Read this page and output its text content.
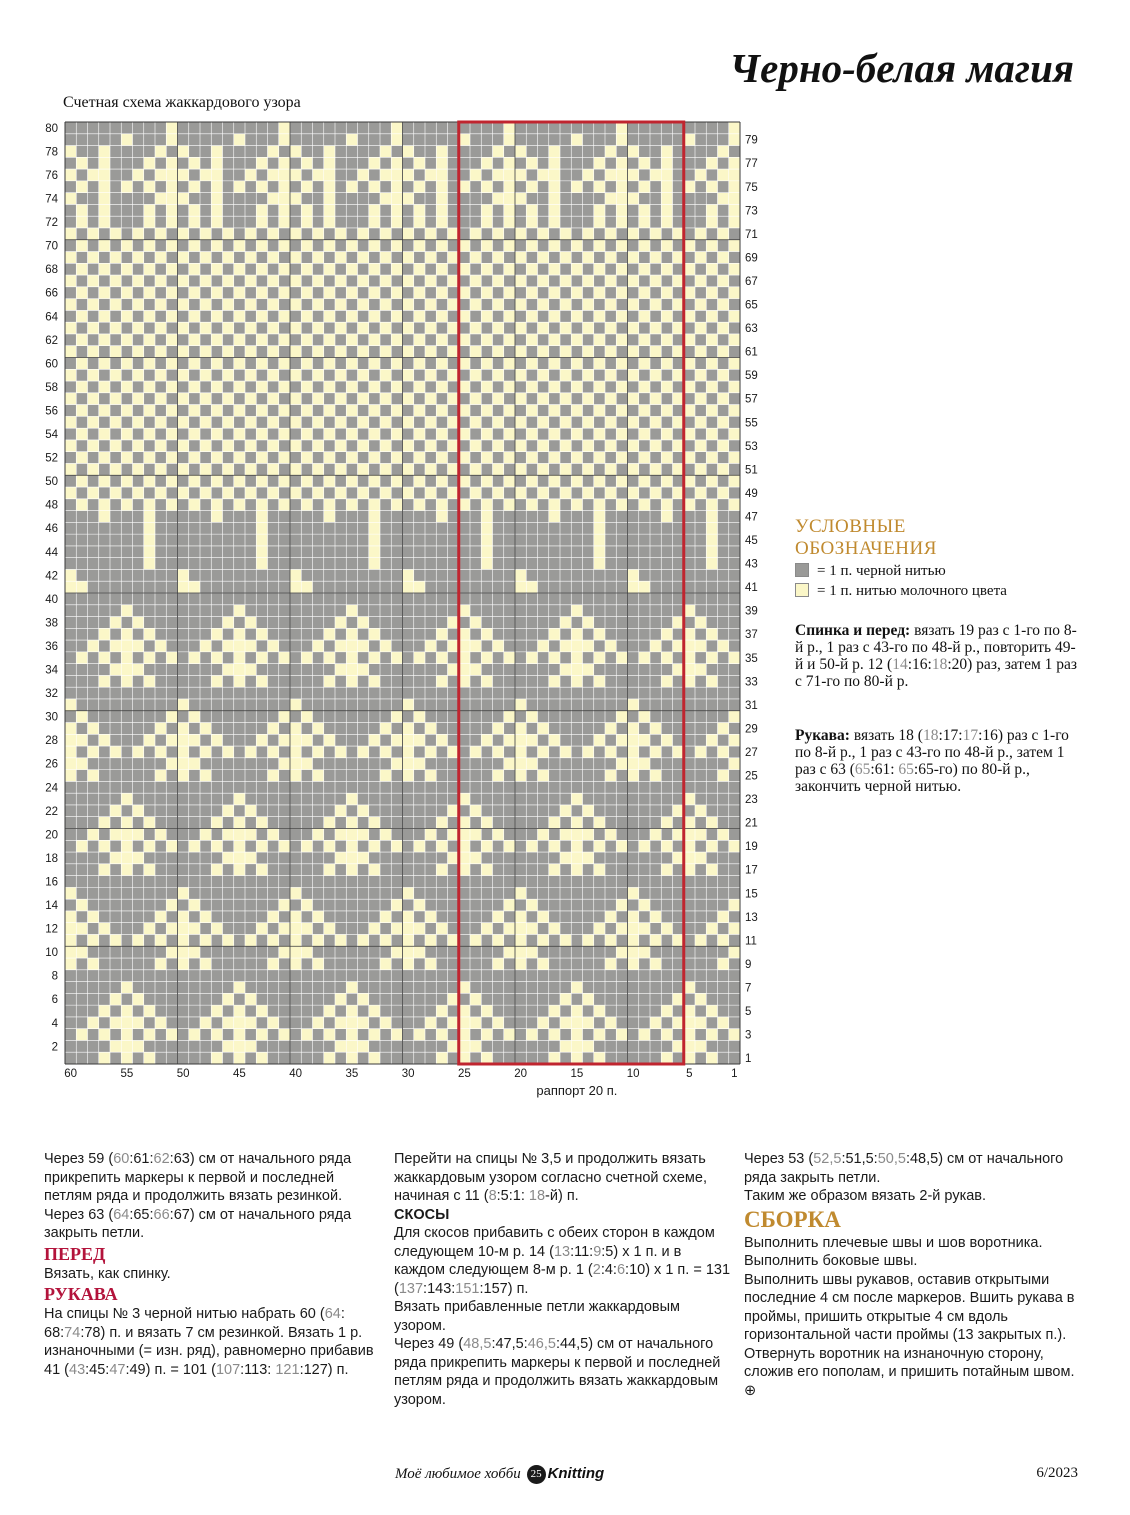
Черно-белая магия
Счетная схема жаккардового узора
80
78
76
74
72
70
68
66
64
62
60
58
56
54
52
50
48
46
44
42
40
38
36
34
32
30
28
26
24
22
20
18
16
14
12
10
8
6
4
2
79
77
75
73
71
69
67
65
63
61
59
57
55
53
51
49
47
45
43
41
39
37
35
33
31
29
27
25
23
21
19
17
15
13
11
9
7
5
3
1
60	55	50	45	40	35	30	25	20	15	10	5	1
раппорт 20 п.
УСЛОВНЫЕ
ОБОЗНАЧЕНИЯ
= 1 п. черной нитью
= 1 п. нитью молочного цвета
Спинка и перед: вязать 19 раз с 1-го по 8-й р., 1 раз с 43-го по 48-й р., повторить 49-й и 50-й р. 12 (14:16:18:20) раз, затем 1 раз с 71-го по 80-й р.
Рукава: вязать 18 (18:17:17:16) раз с 1-го по 8-й р., 1 раз с 43-го по 48-й р., затем 1 раз с 63 (65:61: 65:65-го) по 80-й р., закончить черной нитью.

Через 59 (60:61:62:63) см от начального ряда прикрепить маркеры к первой и последней петлям ряда и продолжить вязать резинкой.

Через 63 (64:65:66:67) см от начального ряда закрыть петли.

ПЕРЕД

Вязать, как спинку.

РУКАВА

На спицы № 3 черной нитью набрать 60 (64: 68:74:78) п. и вязать 7 см резинкой. Вязать 1 р. изнаночными (= изн. ряд), равномерно прибавив 41 (43:45:47:49) п. = 101 (107:113: 121:127) п.

Перейти на спицы № 3,5 и продолжить вязать жаккардовым узором согласно счетной схеме, начиная с 11 (8:5:1: 18-й) п.

СКОСЫ

Для скосов прибавить с обеих сторон в каждом следующем 10-м р. 14 (13:11:9:5) х 1 п. и в каждом следующем 8-м р. 1 (2:4:6:10) х 1 п. = 131 (137:143:151:157) п.

Вязать прибавленные петли жаккардовым узором.

Через 49 (48,5:47,5:46,5:44,5) см от начального ряда прикрепить маркеры к первой и последней петлям ряда и продолжить вязать жаккардовым узором.

Через 53 (52,5:51,5:50,5:48,5) см от начального ряда закрыть петли.

Таким же образом вязать 2-й рукав.

СБОРКА

Выполнить плечевые швы и шов воротника.

Выполнить боковые швы.

Выполнить швы рукавов, оставив открытыми последние 4 см после маркеров. Вшить рукава в проймы, пришить открытые 4 см вдоль горизонтальной части проймы (13 закрытых п.).

Отвернуть воротник на изнаночную сторону, сложив его пополам, и пришить потайным швом. ⊕

Моё любимое хобби 25 Knitting	6/2023
